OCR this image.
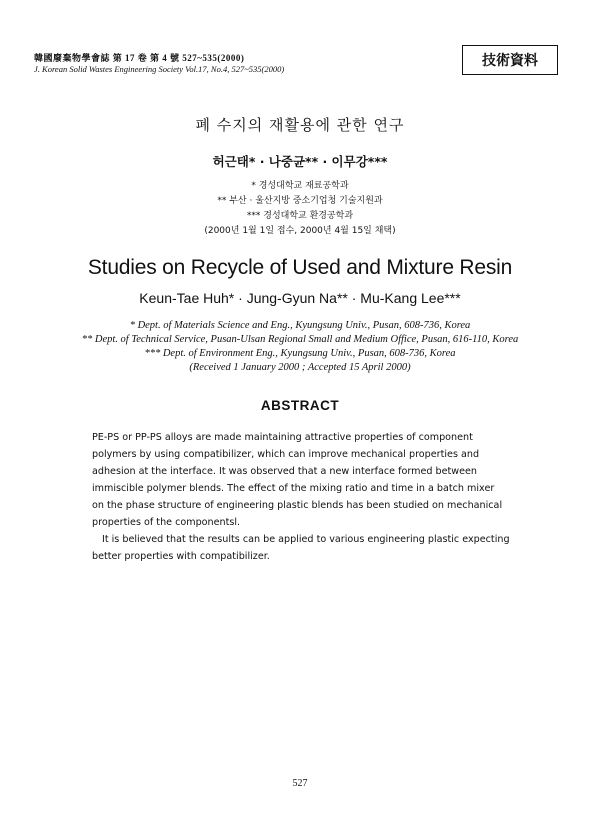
韓國廢棄物學會誌 第 17 卷 第 4 號 527~535(2000)
J. Korean Solid Wastes Engineering Society Vol.17, No.4, 527~535(2000)	技術資料
폐 수지의 재활용에 관한 연구
허근태* · 나중균** · 이무강***
* 경성대학교 재료공학과
** 부산 · 울산지방 중소기업청 기술지원과
*** 경성대학교 환경공학과
(2000년 1월 1일 접수, 2000년 4월 15일 채택)
Studies on Recycle of Used and Mixture Resin
Keun-Tae Huh* · Jung-Gyun Na** · Mu-Kang Lee***
* Dept. of Materials Science and Eng., Kyungsung Univ., Pusan, 608-736, Korea
** Dept. of Technical Service, Pusan-Ulsan Regional Small and Medium Office, Pusan, 616-110, Korea
*** Dept. of Environment Eng., Kyungsung Univ., Pusan, 608-736, Korea
(Received 1 January 2000 ; Accepted 15 April 2000)
ABSTRACT
PE-PS or PP-PS alloys are made maintaining attractive properties of component
polymers by using compatibilizer, which can improve mechanical properties and
adhesion at the interface. It was observed that a new interface formed between
immiscible polymer blends. The effect of the mixing ratio and time in a batch mixer
on the phase structure of engineering plastic blends has been studied on mechanical
properties of the componentsl.
It is believed that the results can be applied to various engineering plastic expecting
better properties with compatibilizer.
527
